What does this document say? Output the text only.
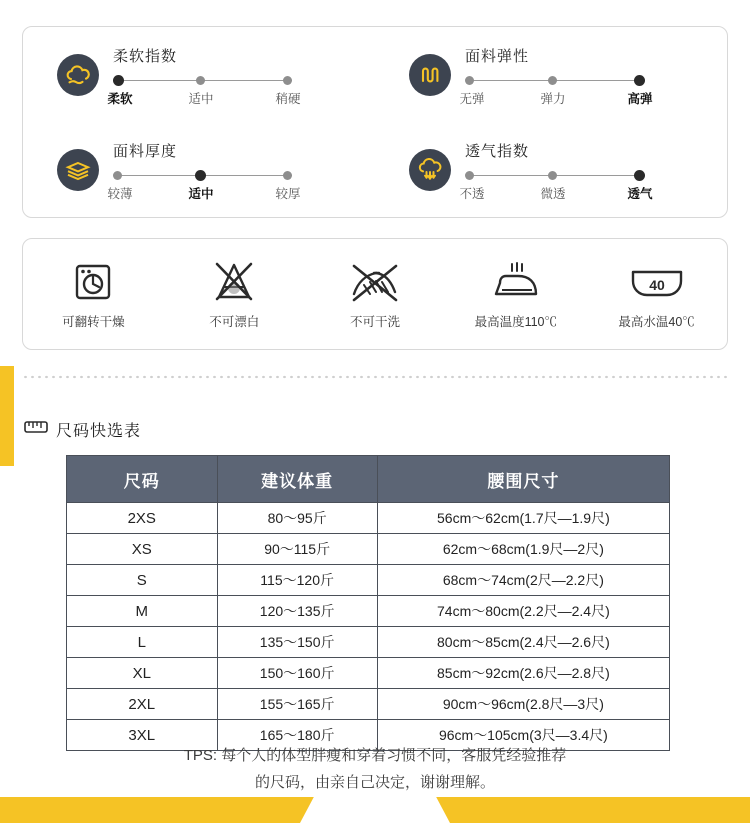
柔软指数
柔软	适中	稍硬
面料弹性
无弹	弹力	高弹
面料厚度
较薄	适中	较厚
透气指数
不透	微透	透气
可翻转干燥	不可漂白	不可干洗	最高温度110℃
40
最高水温40℃
尺码快选表
尺码	建议体重	腰围尺寸
2XS	80～95斤	56cm～62cm(1.7尺—1.9尺)
XS	90～115斤	62cm～68cm(1.9尺—2尺)
S	115～120斤	68cm～74cm(2尺—2.2尺)
M	120～135斤	74cm～80cm(2.2尺—2.4尺)
L	135～150斤	80cm～85cm(2.4尺—2.6尺)
XL	150～160斤	85cm～92cm(2.6尺—2.8尺)
2XL	155～165斤	90cm～96cm(2.8尺—3尺)
3XL	165～180斤	96cm～105cm(3尺—3.4尺)
TPS: 每个人的体型胖瘦和穿着习惯不同，客服凭经验推荐
的尺码，由亲自己决定，谢谢理解。
